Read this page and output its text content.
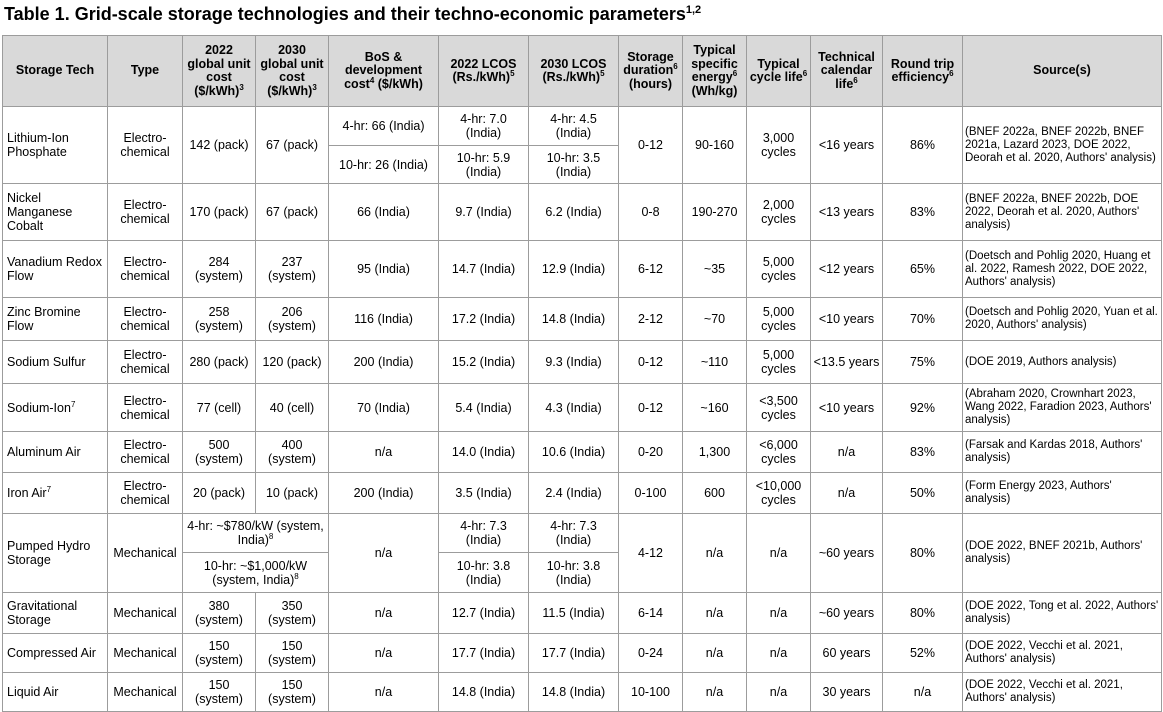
Table 1. Grid-scale storage technologies and their techno-economic parameters$^{1,2}$
Storage Tech	Type	2022 global unit cost ($/kWh)$^3$	2030 global unit cost ($/kWh)$^3$	BoS & development cost$^4$ ($/kWh)	2022 LCOS $(Rs./kWh)^5$	2030 LCOS $(Rs./kWh)^5$	Storage duration$^6$ (hours)	Typical specific energy$^6$ (Wh/kg)	Typical cycle life$^6$	Technical calendar life$^6$	Round trip efficiency$^6$	Source(s)
Lithium-Ion Phosphate	Electro-chemical	142 (pack)	67 (pack)	4-hr: 66 (India)	4-hr: 7.0 (India)	4-hr: 4.5 (India)	0-12	90-160	3,000 cycles	<16 years	86%	(BNEF 2022a, BNEF 2022b, BNEF 2021a, Lazard 2023, DOE 2022, Deorah et al. 2020, Authors' analysis)
				10-hr: 26 (India)	10-hr: 5.9 (India)	10-hr: 3.5 (India)						
Nickel Manganese Cobalt	Electro-chemical	170 (pack)	67 (pack)	66 (India)	9.7 (India)	6.2 (India)	0-8	190-270	2,000 cycles	<13 years	83%	(BNEF 2022a, BNEF 2022b, DOE 2022, Deorah et al. 2020, Authors' analysis)
Vanadium Redox Flow	Electro-chemical	284 (system)	237 (system)	95 (India)	14.7 (India)	12.9 (India)	6-12	~35	5,000 cycles	<12 years	65%	(Doetsch and Pohlig 2020, Huang et al. 2022, Ramesh 2022, DOE 2022, Authors' analysis)
Zinc Bromine Flow	Electro-chemical	258 (system)	206 (system)	116 (India)	17.2 (India)	14.8 (India)	2-12	~70	5,000 cycles	<10 years	70%	(Doetsch and Pohlig 2020, Yuan et al. 2020, Authors' analysis)
Sodium Sulfur	Electro-chemical	280 (pack)	120 (pack)	200 (India)	15.2 (India)	9.3 (India)	0-12	~110	5,000 cycles	<13.5 years	75%	(DOE 2019, Authors analysis)
Sodium-Ion$^7$	Electro-chemical	77 (cell)	40 (cell)	70 (India)	5.4 (India)	4.3 (India)	0-12	~160	<3,500 cycles	<10 years	92%	(Abraham 2020, Crownhart 2023, Wang 2022, Faradion 2023, Authors' analysis)
Aluminum Air	Electro-chemical	500 (system)	400 (system)	n/a	14.0 (India)	10.6 (India)	0-20	1,300	<6,000 cycles	n/a	83%	(Farsak and Kardas 2018, Authors' analysis)
Iron Air$^7$	Electro-chemical	20 (pack)	10 (pack)	200 (India)	3.5 (India)	2.4 (India)	0-100	600	<10,000 cycles	n/a	50%	(Form Energy 2023, Authors' analysis)
Pumped Hydro Storage	Mechanical	4-hr: ~$780/kW (system, India)$^8$		n/a	4-hr: 7.3 (India)	4-hr: 7.3 (India)	4-12	n/a	n/a	~60 years	80%	(DOE 2022, BNEF 2021b, Authors' analysis)
		10-hr: ~$1,000/kW (system, India)$^8$			10-hr: 3.8 (India)	10-hr: 3.8 (India)						
Gravitational Storage	Mechanical	380 (system)	350 (system)	n/a	12.7 (India)	11.5 (India)	6-14	n/a	n/a	~60 years	80%	(DOE 2022, Tong et al. 2022, Authors' analysis)
Compressed Air	Mechanical	150 (system)	150 (system)	n/a	17.7 (India)	17.7 (India)	0-24	n/a	n/a	60 years	52%	(DOE 2022, Vecchi et al. 2021, Authors' analysis)
Liquid Air	Mechanical	150 (system)	150 (system)	n/a	14.8 (India)	14.8 (India)	10-100	n/a	n/a	30 years	n/a	(DOE 2022, Vecchi et al. 2021, Authors' analysis)
